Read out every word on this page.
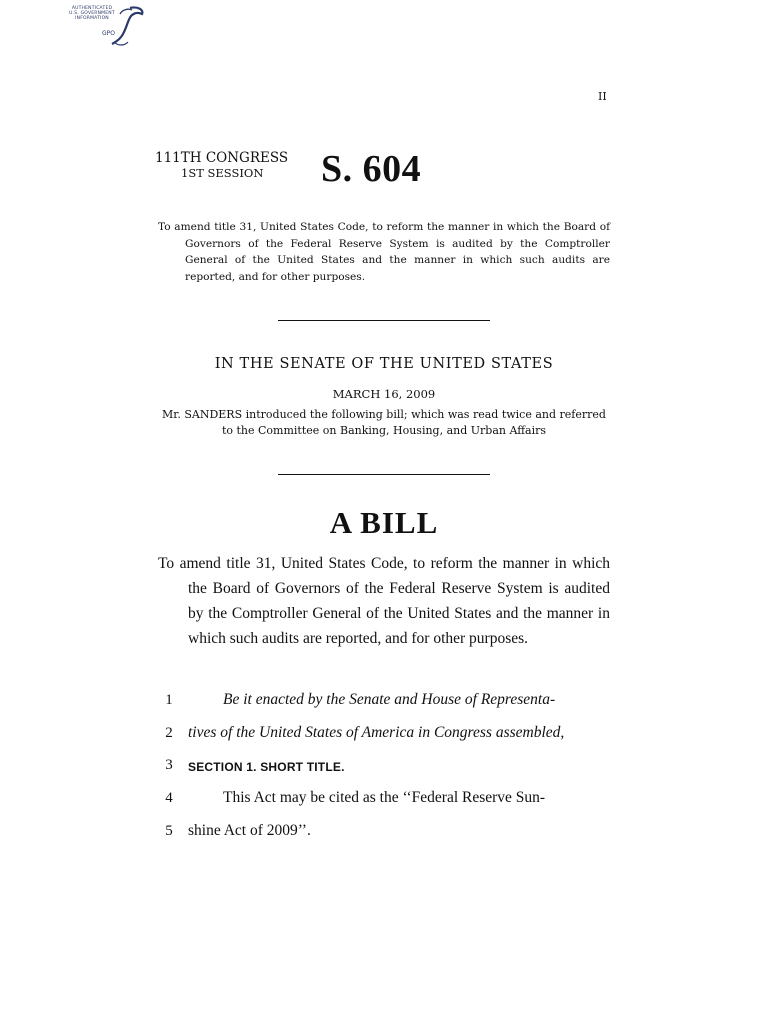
AUTHENTICATED
U.S. GOVERNMENT
INFORMATION
GPO
II
111TH CONGRESS
1ST SESSION S. 604
To amend title 31, United States Code, to reform the manner in which the Board of Governors of the Federal Reserve System is audited by the Comptroller General of the United States and the manner in which such audits are reported, and for other purposes.
IN THE SENATE OF THE UNITED STATES
MARCH 16, 2009
Mr. SANDERS introduced the following bill; which was read twice and referred to the Committee on Banking, Housing, and Urban Affairs
A BILL
To amend title 31, United States Code, to reform the manner in which the Board of Governors of the Federal Reserve System is audited by the Comptroller General of the United States and the manner in which such audits are reported, and for other purposes.
1	Be it enacted by the Senate and House of Representa-
2 tives of the United States of America in Congress assembled,
3	SECTION 1. SHORT TITLE.
4	This Act may be cited as the ‘‘Federal Reserve Sun-
5 shine Act of 2009’’.
